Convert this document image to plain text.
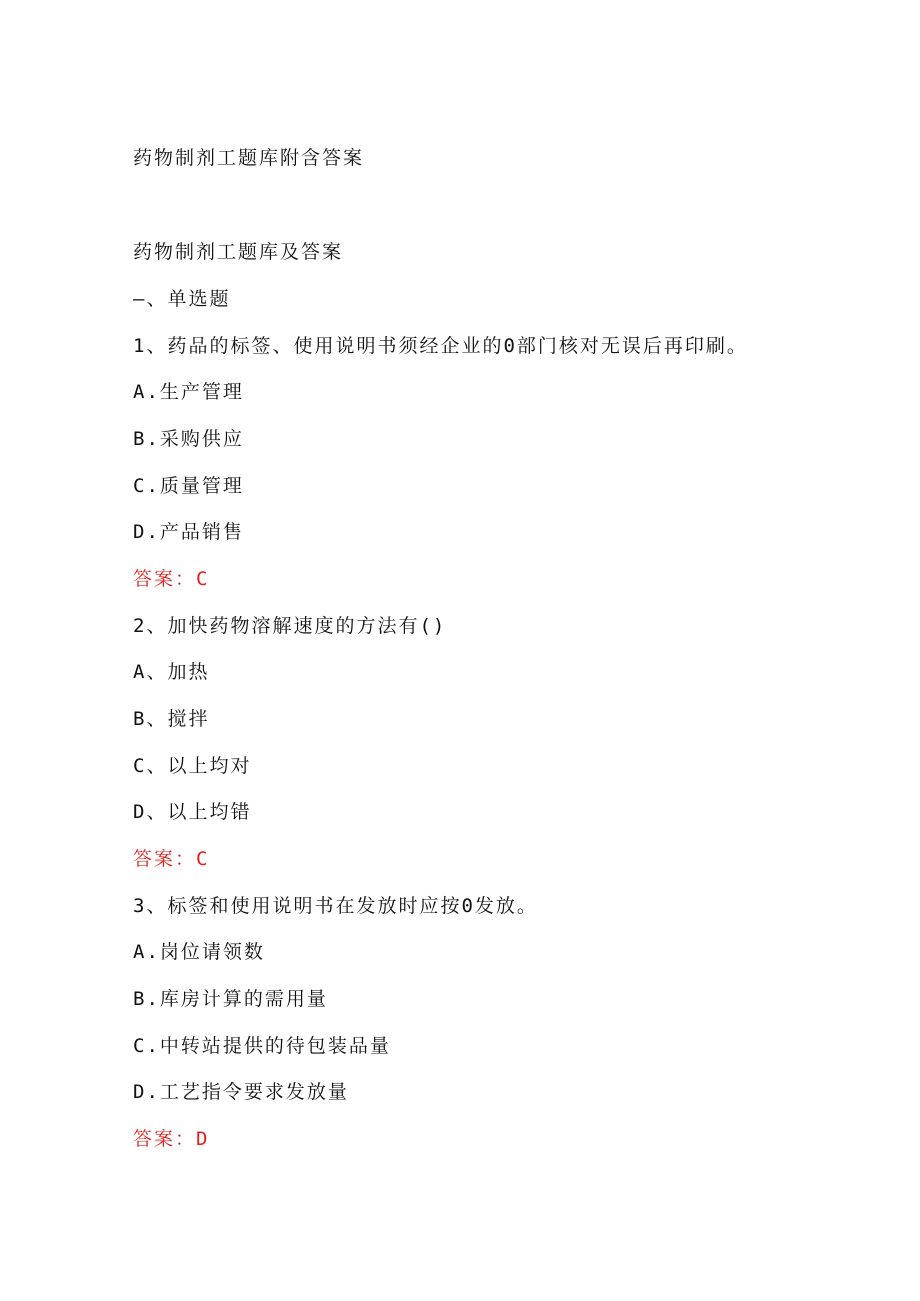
药物制剂工题库附含答案
药物制剂工题库及答案
—、单选题
1、药品的标签、使用说明书须经企业的0部门核对无误后再印刷。
A.生产管理
B.采购供应
C.质量管理
D.产品销售
答案：C
2、加快药物溶解速度的方法有()
A、加热
B、搅拌
C、以上均对
D、以上均错
答案：C
3、标签和使用说明书在发放时应按0发放。
A.岗位请领数
B.库房计算的需用量
C.中转站提供的待包装品量
D.工艺指令要求发放量
答案：D
